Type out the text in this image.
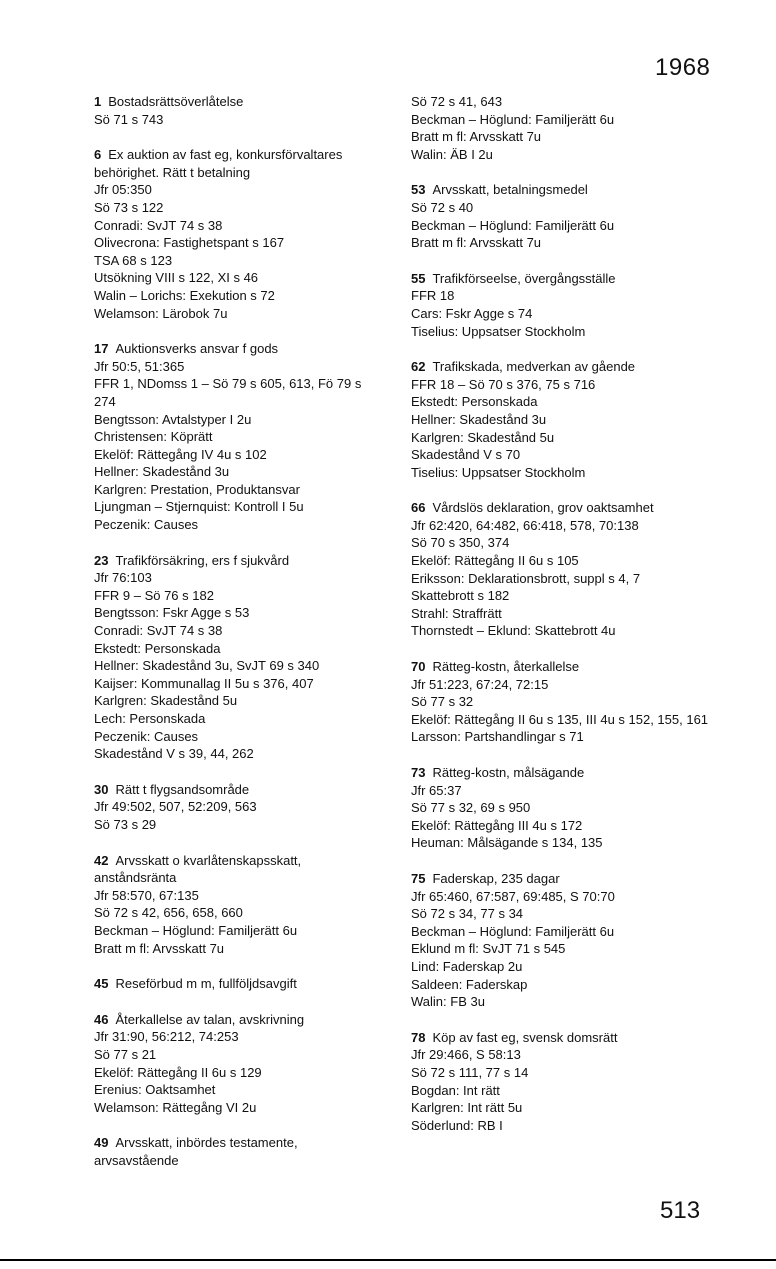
1968
1 Bostadsrättsöverlåtelse
Sö 71 s 743
6 Ex auktion av fast eg, konkursförvaltares behörighet. Rätt t betalning
Jfr 05:350
Sö 73 s 122
Conradi: SvJT 74 s 38
Olivecrona: Fastighetspant s 167
TSA 68 s 123
Utsökning VIII s 122, XI s 46
Walin – Lorichs: Exekution s 72
Welamson: Lärobok 7u
17 Auktionsverks ansvar f gods
Jfr 50:5, 51:365
FFR 1, NDomss 1 – Sö 79 s 605, 613, Fö 79 s 274
Bengtsson: Avtalstyper I 2u
Christensen: Köprätt
Ekelöf: Rättegång IV 4u s 102
Hellner: Skadestånd 3u
Karlgren: Prestation, Produktansvar
Ljungman – Stjernquist: Kontroll I 5u
Peczenik: Causes
23 Trafikförsäkring, ers f sjukvård
Jfr 76:103
FFR 9 – Sö 76 s 182
Bengtsson: Fskr Agge s 53
Conradi: SvJT 74 s 38
Ekstedt: Personskada
Hellner: Skadestånd 3u, SvJT 69 s 340
Kaijser: Kommunallag II 5u s 376, 407
Karlgren: Skadestånd 5u
Lech: Personskada
Peczenik: Causes
Skadestånd V s 39, 44, 262
30 Rätt t flygsandsområde
Jfr 49:502, 507, 52:209, 563
Sö 73 s 29
42 Arvsskatt o kvarlåtenskapsskatt, anståndsränta
Jfr 58:570, 67:135
Sö 72 s 42, 656, 658, 660
Beckman – Höglund: Familjerätt 6u
Bratt m fl: Arvsskatt 7u
45 Reseförbud m m, fullföljdsavgift
46 Återkallelse av talan, avskrivning
Jfr 31:90, 56:212, 74:253
Sö 77 s 21
Ekelöf: Rättegång II 6u s 129
Erenius: Oaktsamhet
Welamson: Rättegång VI 2u
49 Arvsskatt, inbördes testamente, arvsavstående
Sö 72 s 41, 643
Beckman – Höglund: Familjerätt 6u
Bratt m fl: Arvsskatt 7u
Walin: ÄB I 2u
53 Arvsskatt, betalningsmedel
Sö 72 s 40
Beckman – Höglund: Familjerätt 6u
Bratt m fl: Arvsskatt 7u
55 Trafikförseelse, övergångsställe
FFR 18
Cars: Fskr Agge s 74
Tiselius: Uppsatser Stockholm
62 Trafikskada, medverkan av gående
FFR 18 – Sö 70 s 376, 75 s 716
Ekstedt: Personskada
Hellner: Skadestånd 3u
Karlgren: Skadestånd 5u
Skadestånd V s 70
Tiselius: Uppsatser Stockholm
66 Vårdslös deklaration, grov oaktsamhet
Jfr 62:420, 64:482, 66:418, 578, 70:138
Sö 70 s 350, 374
Ekelöf: Rättegång II 6u s 105
Eriksson: Deklarationsbrott, suppl s 4, 7
Skattebrott s 182
Strahl: Straffrätt
Thornstedt – Eklund: Skattebrott 4u
70 Rätteg-kostn, återkallelse
Jfr 51:223, 67:24, 72:15
Sö 77 s 32
Ekelöf: Rättegång II 6u s 135, III 4u s 152, 155, 161
Larsson: Partshandlingar s 71
73 Rätteg-kostn, målsägande
Jfr 65:37
Sö 77 s 32, 69 s 950
Ekelöf: Rättegång III 4u s 172
Heuman: Målsägande s 134, 135
75 Faderskap, 235 dagar
Jfr 65:460, 67:587, 69:485, S 70:70
Sö 72 s 34, 77 s 34
Beckman – Höglund: Familjerätt 6u
Eklund m fl: SvJT 71 s 545
Lind: Faderskap 2u
Saldeen: Faderskap
Walin: FB 3u
78 Köp av fast eg, svensk domsrätt
Jfr 29:466, S 58:13
Sö 72 s 111, 77 s 14
Bogdan: Int rätt
Karlgren: Int rätt 5u
Söderlund: RB I
513
